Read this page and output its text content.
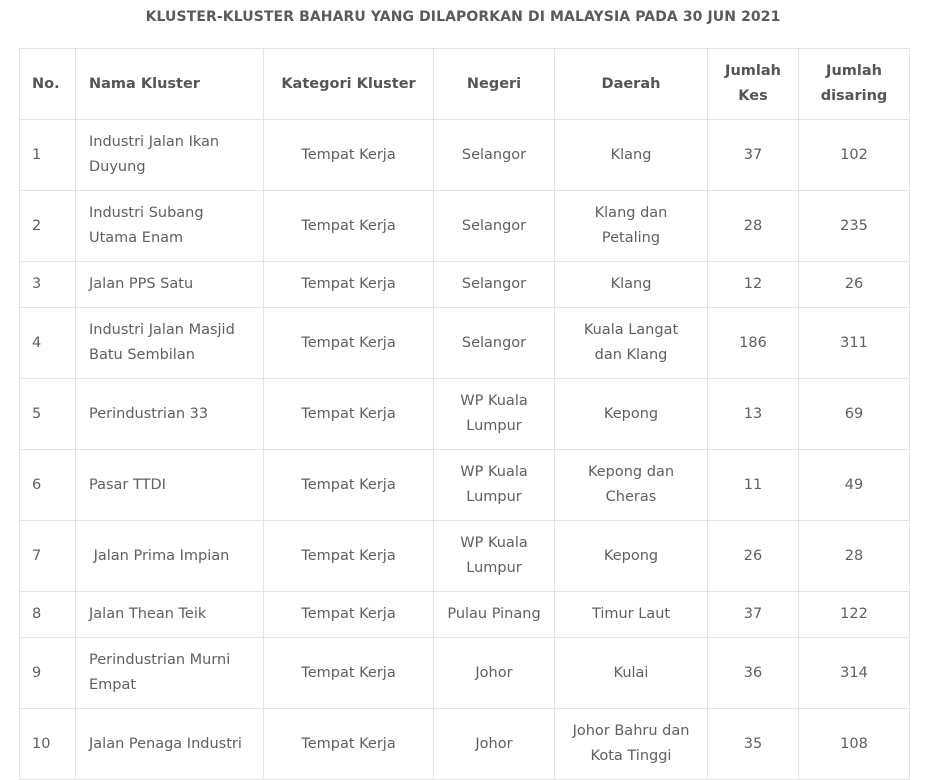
KLUSTER-KLUSTER BAHARU YANG DILAPORKAN DI MALAYSIA PADA 30 JUN 2021
No.	Nama Kluster	Kategori Kluster	Negeri	Daerah	Jumlah Kes	Jumlah disaring
1	Industri Jalan Ikan Duyung	Tempat Kerja	Selangor	Klang	37	102
2	Industri Subang Utama Enam	Tempat Kerja	Selangor	Klang dan Petaling	28	235
3	Jalan PPS Satu	Tempat Kerja	Selangor	Klang	12	26
4	Industri Jalan Masjid Batu Sembilan	Tempat Kerja	Selangor	Kuala Langat dan Klang	186	311
5	Perindustrian 33	Tempat Kerja	WP Kuala Lumpur	Kepong	13	69
6	Pasar TTDI	Tempat Kerja	WP Kuala Lumpur	Kepong dan Cheras	11	49
7	Jalan Prima Impian	Tempat Kerja	WP Kuala Lumpur	Kepong	26	28
8	Jalan Thean Teik	Tempat Kerja	Pulau Pinang	Timur Laut	37	122
9	Perindustrian Murni Empat	Tempat Kerja	Johor	Kulai	36	314
10	Jalan Penaga Industri	Tempat Kerja	Johor	Johor Bahru dan Kota Tinggi	35	108
